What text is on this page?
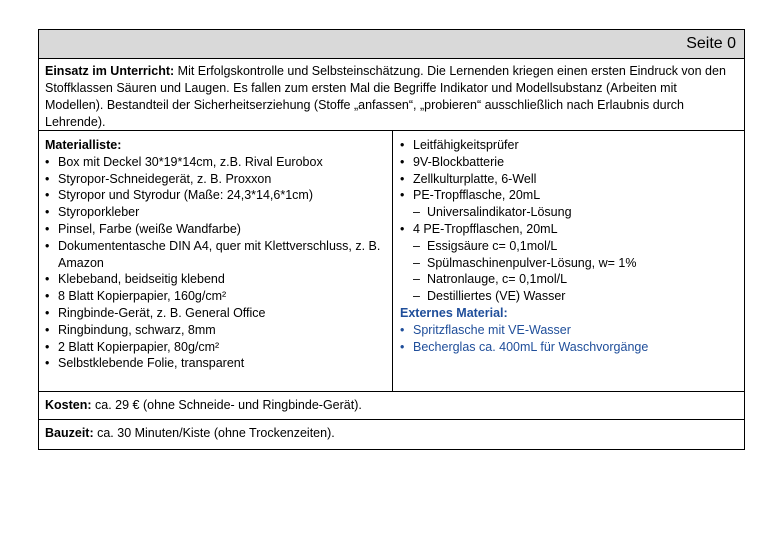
Seite 0
Einsatz im Unterricht: Mit Erfolgskontrolle und Selbsteinschätzung. Die Lernenden kriegen einen ersten Eindruck von den Stoffklassen Säuren und Laugen. Es fallen zum ersten Mal die Begriffe Indikator und Modellsubstanz (Arbeiten mit Modellen). Bestandteil der Sicherheitserziehung (Stoffe „anfassen“, „probieren“ ausschließlich nach Erlaubnis durch Lehrende).
Materialliste:
• Box mit Deckel 30*19*14cm, z.B. Rival Eurobox
• Styropor-Schneidegerät, z. B. Proxxon
• Styropor und Styrodur (Maße: 24,3*14,6*1cm)
• Styroporkleber
• Pinsel, Farbe (weiße Wandfarbe)
• Dokumententasche DIN A4, quer mit Klettverschluss, z. B. Amazon
• Klebeband, beidseitig klebend
• 8 Blatt Kopierpapier, 160g/cm²
• Ringbinde-Gerät, z. B. General Office
• Ringbindung, schwarz, 8mm
• 2 Blatt Kopierpapier, 80g/cm²
• Selbstklebende Folie, transparent
• Leitfähigkeitsprüfer
• 9V-Blockbatterie
• Zellkulturplatte, 6-Well
• PE-Tropfflasche, 20mL
– Universalindikator-Lösung
• 4 PE-Tropfflaschen, 20mL
– Essigsäure c= 0,1mol/L
– Spülmaschinenpulver-Lösung, w= 1%
– Natronlauge, c= 0,1mol/L
– Destilliertes (VE) Wasser
Externes Material:
• Spritzflasche mit VE-Wasser
• Becherglas ca. 400mL für Waschvorgänge
Kosten: ca. 29 € (ohne Schneide- und Ringbinde-Gerät).
Bauzeit: ca. 30 Minuten/Kiste (ohne Trockenzeiten).
